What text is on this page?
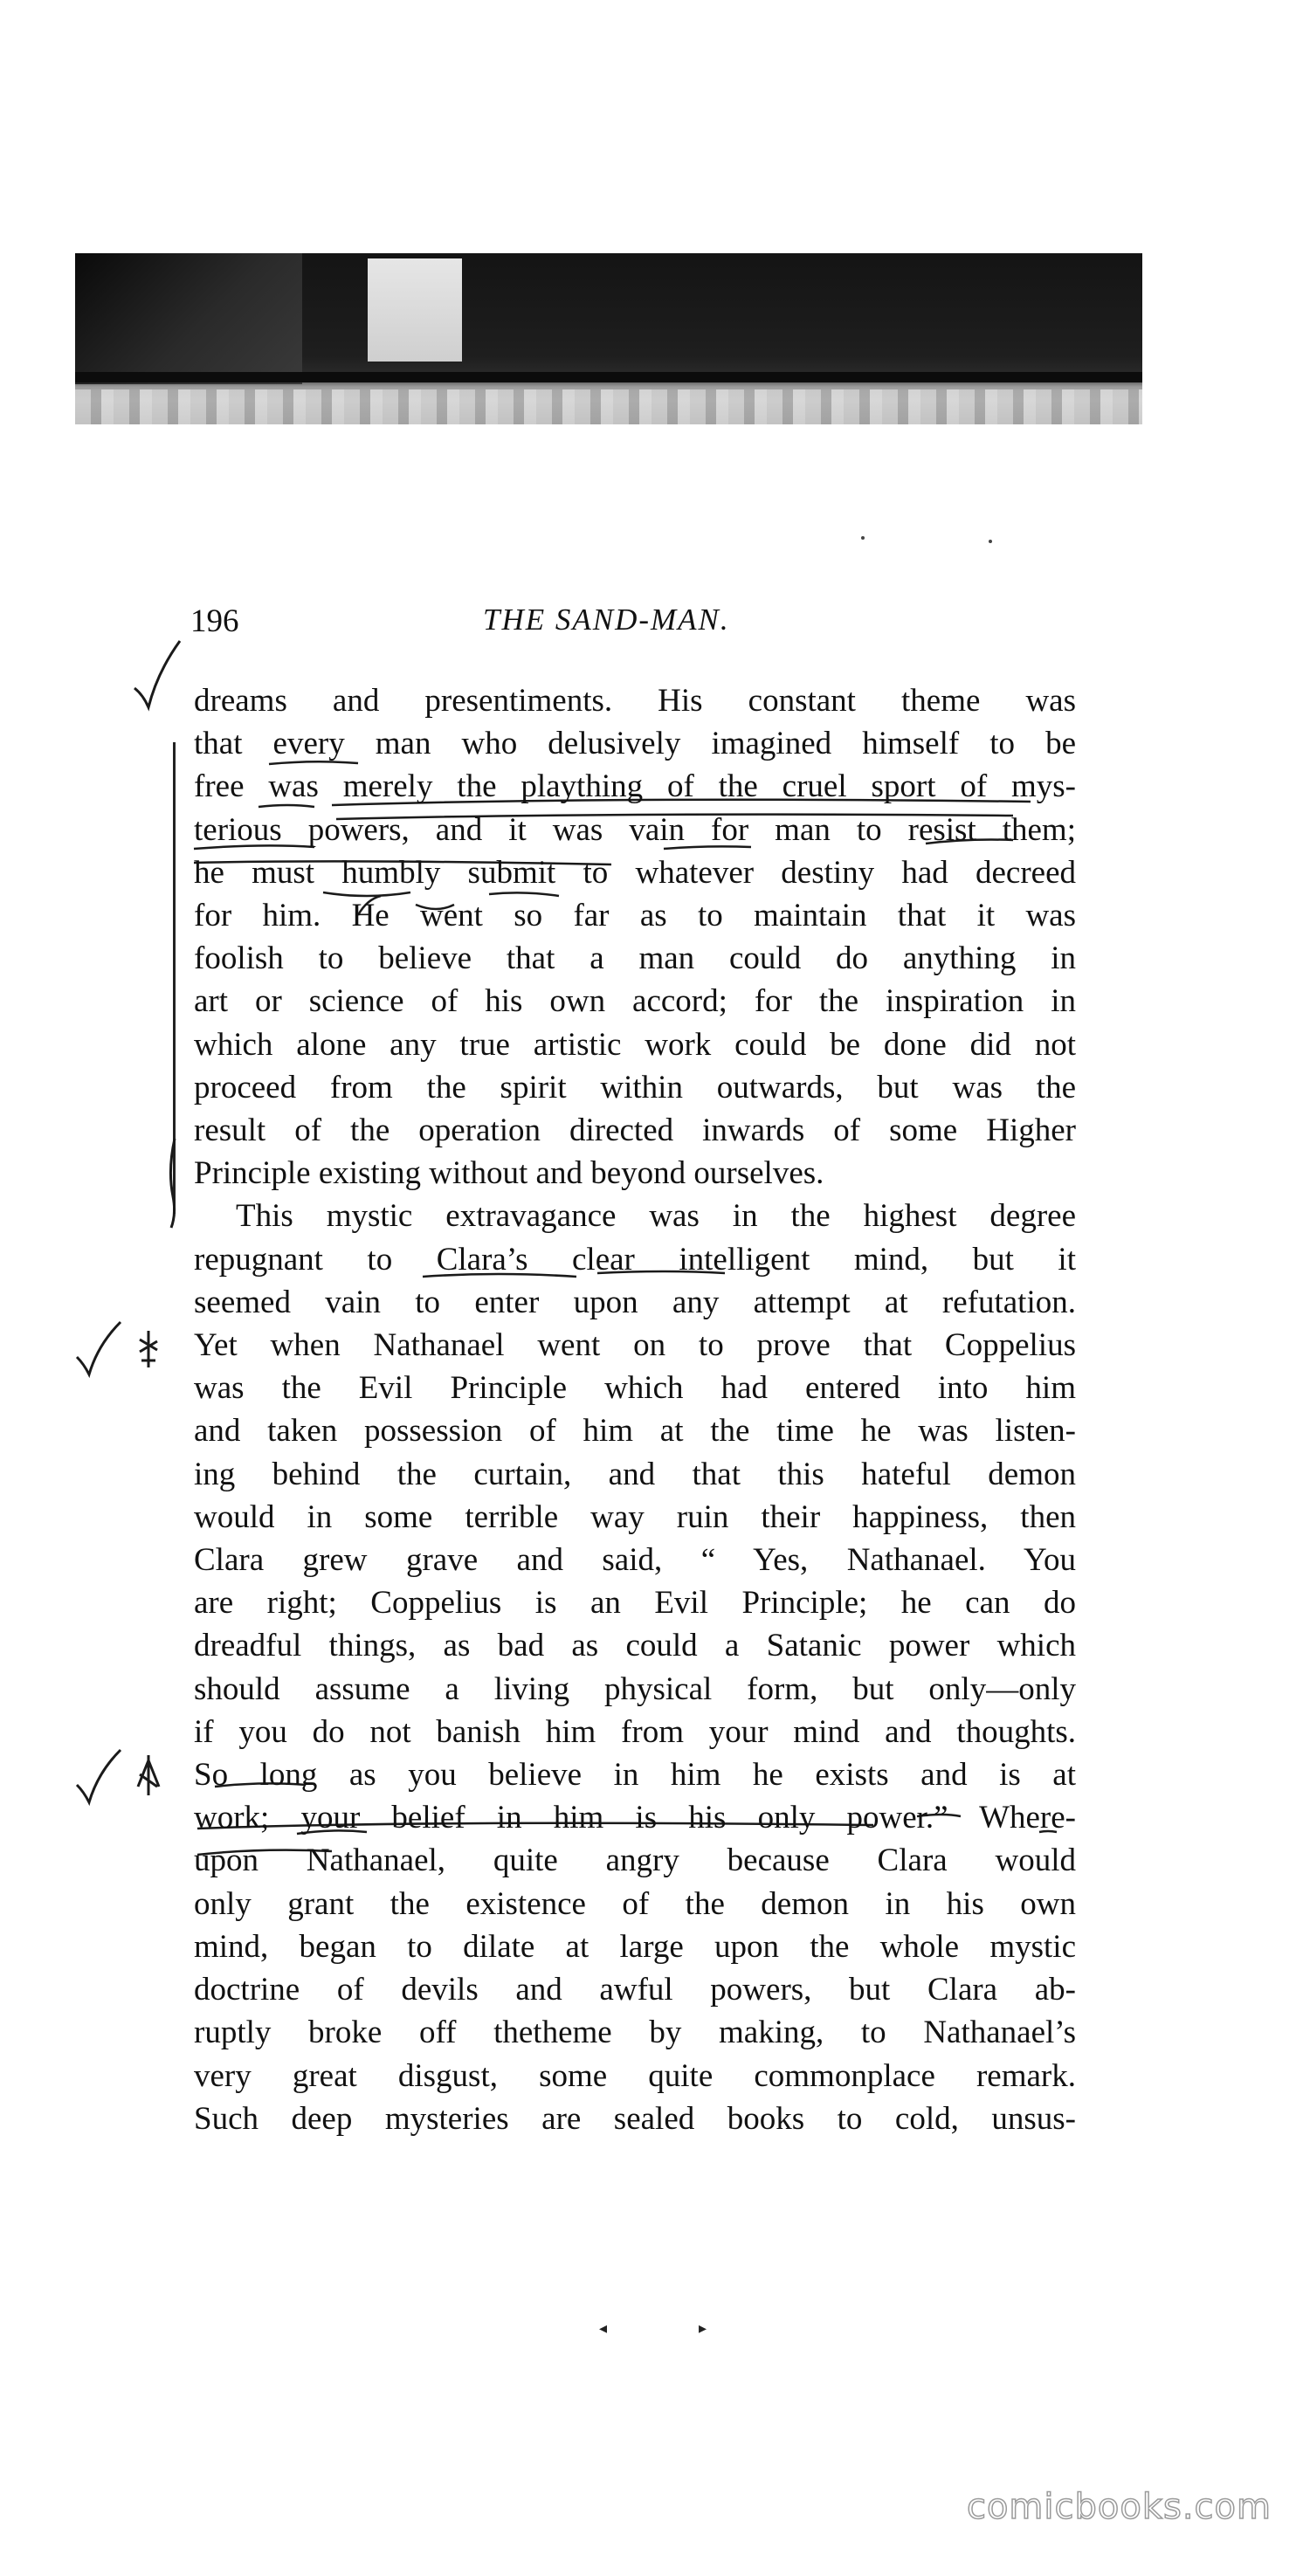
196	THE SAND-MAN.

dreams and presentiments. His constant theme was

that every man who delusively imagined himself to be

free was merely the plaything of the cruel sport of mys-

terious powers, and it was vain for man to resist them;

he must humbly submit to whatever destiny had decreed

for him. He went so far as to maintain that it was

foolish to believe that a man could do anything in

art or science of his own accord; for the inspiration in

which alone any true artistic work could be done did not

proceed from the spirit within outwards, but was the

result of the operation directed inwards of some Higher

Principle existing without and beyond ourselves.

This mystic extravagance was in the highest degree

repugnant to Clara’s clear intelligent mind, but it

seemed vain to enter upon any attempt at refutation.

Yet when Nathanael went on to prove that Coppelius

was the Evil Principle which had entered into him

and taken possession of him at the time he was listen-

ing behind the curtain, and that this hateful demon

would in some terrible way ruin their happiness, then

Clara grew grave and said, “ Yes, Nathanael. You

are right; Coppelius is an Evil Principle; he can do

dreadful things, as bad as could a Satanic power which

should assume a living physical form, but only—only

if you do not banish him from your mind and thoughts.

So long as you believe in him he exists and is at

work; your belief in him is his only power.” Where-

upon Nathanael, quite angry because Clara would

only grant the existence of the demon in his own

mind, began to dilate at large upon the whole mystic

doctrine of devils and awful powers, but Clara ab-

ruptly broke off thetheme by making, to Nathanael’s

very great disgust, some quite commonplace remark.

Such deep mysteries are sealed books to cold, unsus-

◂	▸
comicbooks.com
